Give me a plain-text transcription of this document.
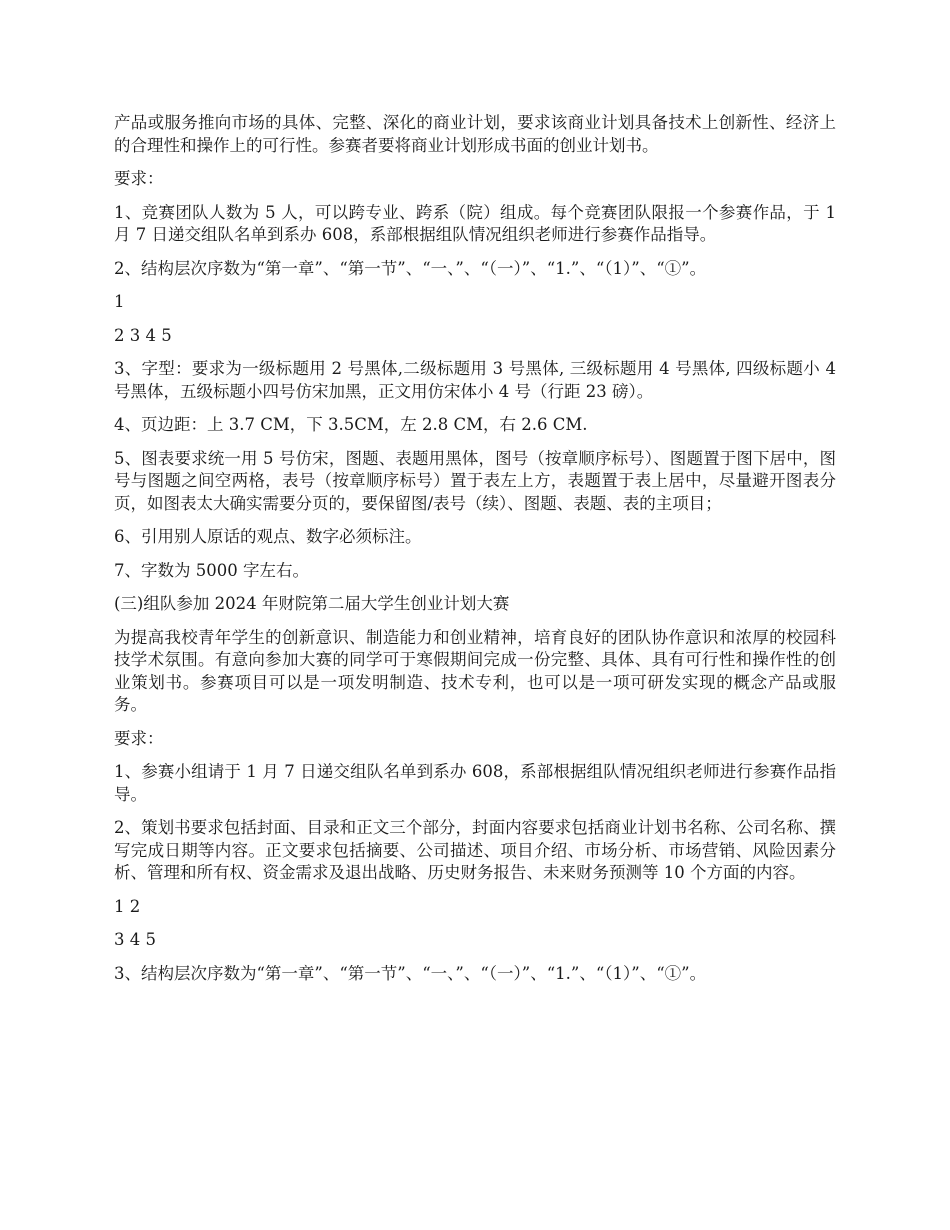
产品或服务推向市场的具体、完整、深化的商业计划，要求该商业计划具备技术上创新性、经济上的合理性和操作上的可行性。参赛者要将商业计划形成书面的创业计划书。

要求：

1、竞赛团队人数为 5 人，可以跨专业、跨系（院）组成。每个竞赛团队限报一个参赛作品，于 1 月 7 日递交组队名单到系办 608，系部根据组队情况组织老师进行参赛作品指导。

2、结构层次序数为“第一章”、“第一节”、“一、”、“（一）”、“1.”、“（1）”、“①”。

1

2 3 4 5

3、字型：要求为一级标题用 2 号黑体,二级标题用 3 号黑体, 三级标题用 4 号黑体, 四级标题小 4 号黑体，五级标题小四号仿宋加黑，正文用仿宋体小 4 号（行距 23 磅）。

4、页边距：上 3.7 CM，下 3.5CM，左 2.8 CM，右 2.6 CM.

5、图表要求统一用 5 号仿宋，图题、表题用黑体，图号（按章顺序标号）、图题置于图下居中，图号与图题之间空两格，表号（按章顺序标号）置于表左上方，表题置于表上居中，尽量避开图表分页，如图表太大确实需要分页的，要保留图/表号（续）、图题、表题、表的主项目；

6、引用别人原话的观点、数字必须标注。

7、字数为 5000 字左右。

(三)组队参加 2024 年财院第二届大学生创业计划大赛

为提高我校青年学生的创新意识、制造能力和创业精神，培育良好的团队协作意识和浓厚的校园科技学术氛围。有意向参加大赛的同学可于寒假期间完成一份完整、具体、具有可行性和操作性的创业策划书。参赛项目可以是一项发明制造、技术专利，也可以是一项可研发实现的概念产品或服务。

要求：

1、参赛小组请于 1 月 7 日递交组队名单到系办 608，系部根据组队情况组织老师进行参赛作品指导。

2、策划书要求包括封面、目录和正文三个部分，封面内容要求包括商业计划书名称、公司名称、撰写完成日期等内容。正文要求包括摘要、公司描述、项目介绍、市场分析、市场营销、风险因素分析、管理和所有权、资金需求及退出战略、历史财务报告、未来财务预测等 10 个方面的内容。

1 2

3 4 5

3、结构层次序数为“第一章”、“第一节”、“一、”、“（一）”、“1.”、“（1）”、“①”。
